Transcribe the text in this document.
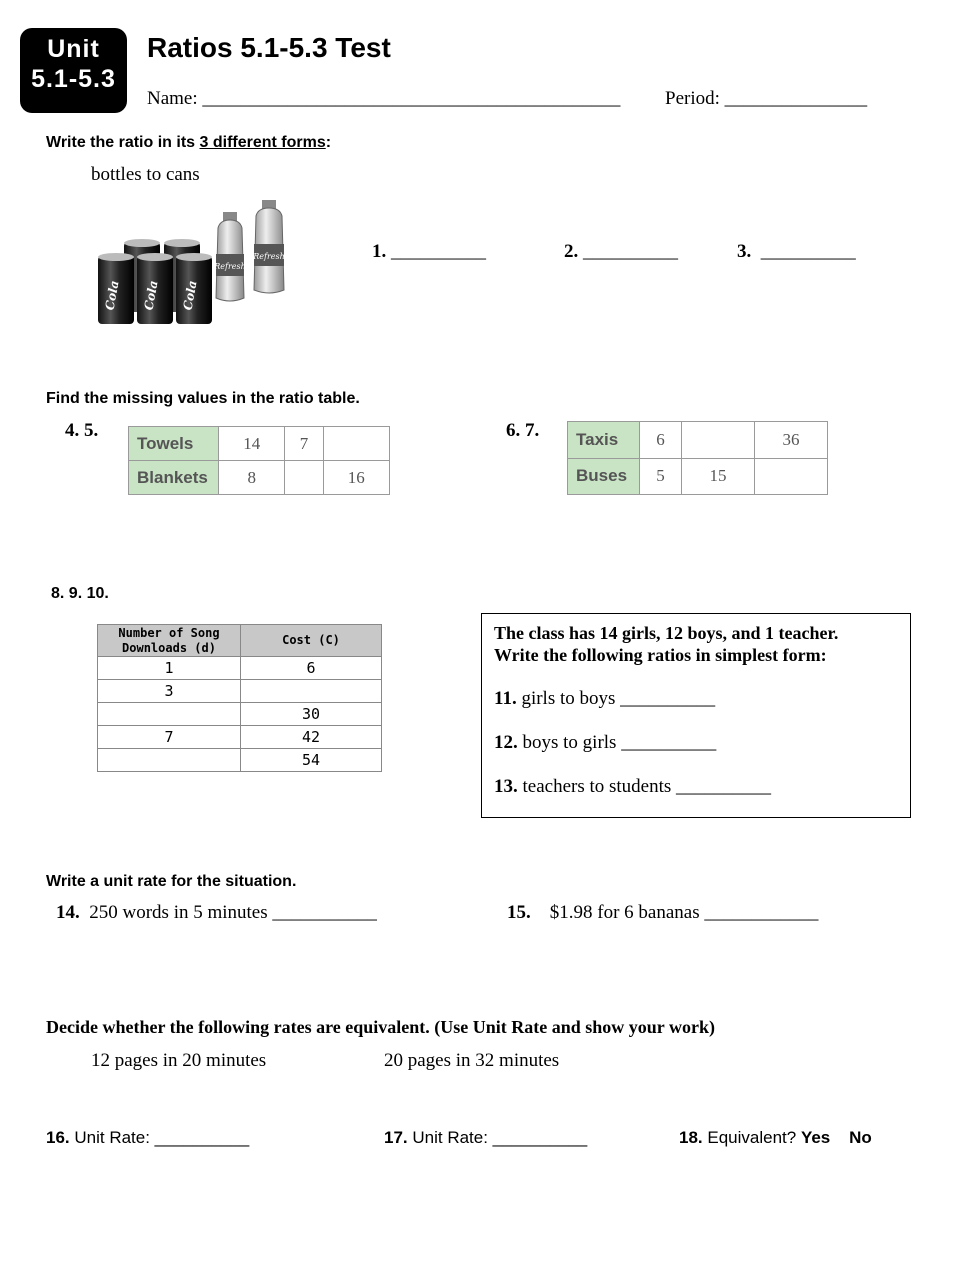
Unit
5.1-5.3
Ratios 5.1-5.3 Test
Name: ____________________________________________ Period: _______________
Write the ratio in its 3 different forms:
bottles to cans
Refresh
Refresh
Cola Cola Cola
1. __________	2. __________	3. __________
Find the missing values in the ratio table.
4. 5.	6. 7.
Towels	14	7	
Blankets	8		16
Taxis	6		36
Buses	5	15	
8. 9. 10.
Number of Song
Downloads (d)	Cost (C)
1	6
3	
	30
7	42
	54
The class has 14 girls, 12 boys, and 1 teacher.
Write the following ratios in simplest form:
11. girls to boys __________
12. boys to girls __________
13. teachers to students __________
Write a unit rate for the situation.
14. 250 words in 5 minutes ___________	15. $1.98 for 6 bananas ____________
Decide whether the following rates are equivalent. (Use Unit Rate and show your work)
12 pages in 20 minutes	20 pages in 32 minutes
16. Unit Rate: __________	17. Unit Rate: __________	18. Equivalent? Yes No
